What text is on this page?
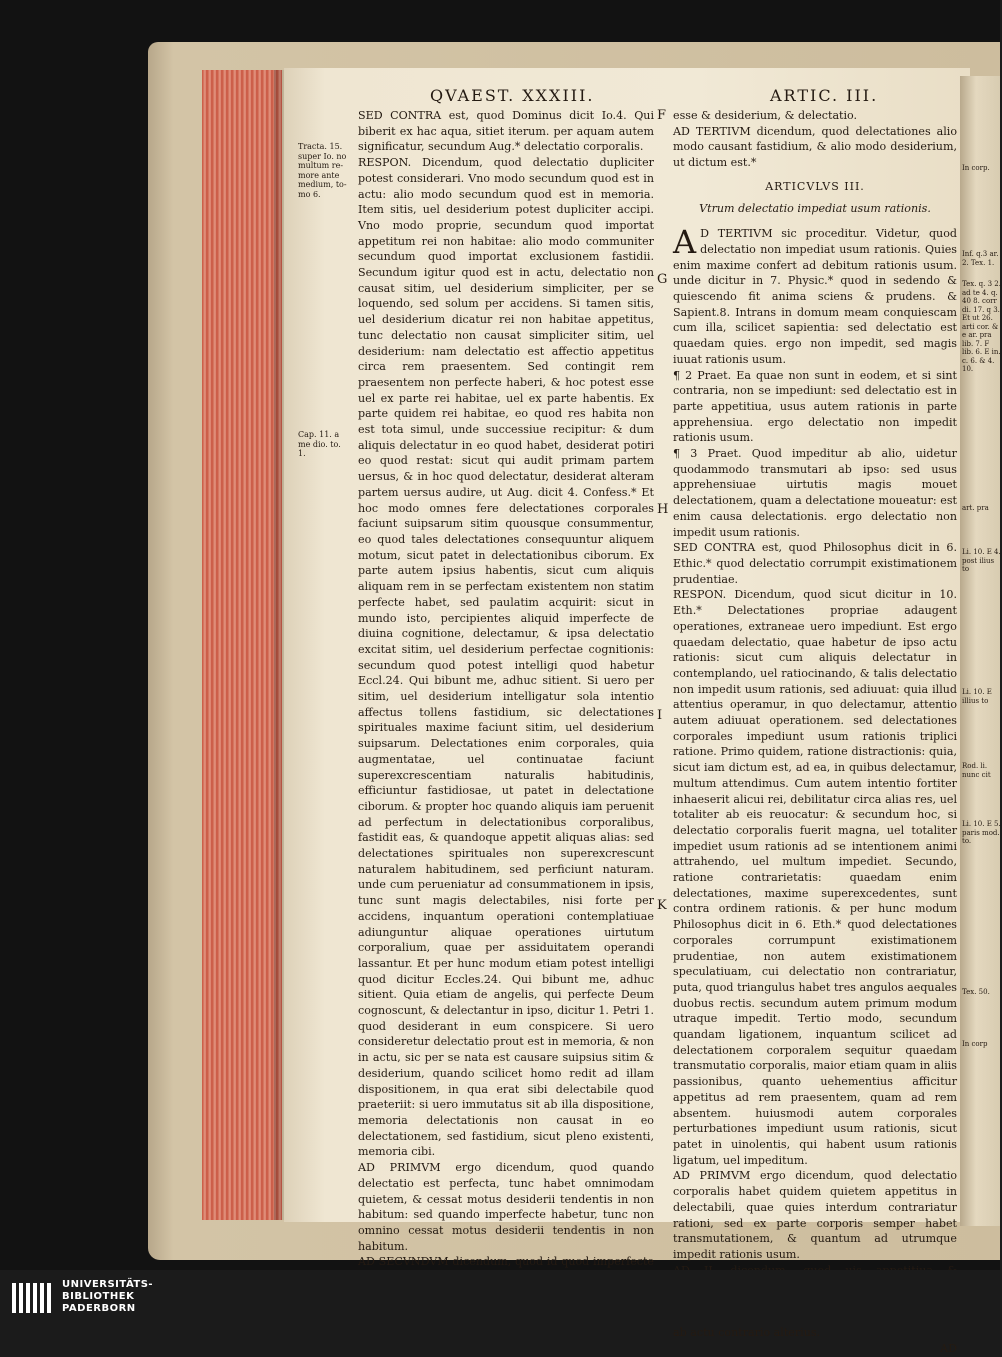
In corp.
Inf. q.3 ar. 2. Tex. 1.
Tex. q. 3 2. ad te 4. q. 40 8. corr di. 17. q 3. Et ut 26. arti cor. & e ar. pra lib. 7. F lib. 6. E in. c. 6. & 4. 10.
art. pra
Li. 10. E 4. post ilius to
Li. 10. E illius to
Rod. li. nunc cit
Li. 10. E 5. paris mod. to.
Tex. 50.
In corp
QVAEST. XXXIII.	ARTIC. III.
Tracta. 15. super Io. no multum re- more ante medium, to- mo 6.
Cap. 11. a me dio. to. 1.

SED CONTRA est, quod Dominus dicit Io.4. Qui biberit ex hac aqua, sitiet iterum. per aquam autem significatur, secundum Aug.* delectatio corporalis.

RESPON. Dicendum, quod delectatio dupliciter potest considerari. Vno modo secundum quod est in actu: alio modo secundum quod est in memoria. Item sitis, uel desiderium potest dupliciter accipi. Vno modo proprie, secundum quod importat appetitum rei non habitae: alio modo communiter secundum quod importat exclusionem fastidii. Secundum igitur quod est in actu, delectatio non causat sitim, uel desiderium simpliciter, per se loquendo, sed solum per accidens. Si tamen sitis, uel desiderium dicatur rei non habitae appetitus, tunc delectatio non causat simpliciter sitim, uel desiderium: nam delectatio est affectio appetitus circa rem praesentem. Sed contingit rem praesentem non perfecte haberi, & hoc potest esse uel ex parte rei habitae, uel ex parte habentis. Ex parte quidem rei habitae, eo quod res habita non est tota simul, unde successiue recipitur: & dum aliquis delectatur in eo quod habet, desiderat potiri eo quod restat: sicut qui audit primam partem uersus, & in hoc quod delectatur, desiderat alteram partem uersus audire, ut Aug. dicit 4. Confess.* Et hoc modo omnes fere delectationes corporales faciunt suipsarum sitim quousque consummentur, eo quod tales delectationes consequuntur aliquem motum, sicut patet in delectationibus ciborum. Ex parte autem ipsius habentis, sicut cum aliquis aliquam rem in se perfectam existentem non statim perfecte habet, sed paulatim acquirit: sicut in mundo isto, percipientes aliquid imperfecte de diuina cognitione, delectamur, & ipsa delectatio excitat sitim, uel desiderium perfectae cognitionis: secundum quod potest intelligi quod habetur Eccl.24. Qui bibunt me, adhuc sitient. Si uero per sitim, uel desiderium intelligatur sola intentio affectus tollens fastidium, sic delectationes spirituales maxime faciunt sitim, uel desiderium suipsarum. Delectationes enim corporales, quia augmentatae, uel continuatae faciunt superexcrescentiam naturalis habitudinis, efficiuntur fastidiosae, ut patet in delectatione ciborum. & propter hoc quando aliquis iam peruenit ad perfectum in delectationibus corporalibus, fastidit eas, & quandoque appetit aliquas alias: sed delectationes spirituales non superexcrescunt naturalem habitudinem, sed perficiunt naturam. unde cum perueniatur ad consummationem in ipsis, tunc sunt magis delectabiles, nisi forte per accidens, inquantum operationi contemplatiuae adiunguntur aliquae operationes uirtutum corporalium, quae per assiduitatem operandi lassantur. Et per hunc modum etiam potest intelligi quod dicitur Eccles.24. Qui bibunt me, adhuc sitient. Quia etiam de angelis, qui perfecte Deum cognoscunt, & delectantur in ipso, dicitur 1. Petri 1. quod desiderant in eum conspicere. Si uero consideretur delectatio prout est in memoria, & non in actu, sic per se nata est causare suipsius sitim & desiderium, quando scilicet homo redit ad illam dispositionem, in qua erat sibi delectabile quod praeteriit: si uero immutatus sit ab illa dispositione, memoria delectationis non causat in eo delectationem, sed fastidium, sicut pleno existenti, memoria cibi.

AD PRIMVM ergo dicendum, quod quando delectatio est perfecta, tunc habet omnimodam quietem, & cessat motus desiderii tendentis in non habitum: sed quando imperfecte habetur, tunc non omnino cessat motus desiderii tendentis in non habitum.

AD SECVNDVM dicendum, quod id quod imperfecte

F
G
H
I
K

esse & desiderium, & delectatio.

AD TERTIVM dicendum, quod delectationes alio modo causant fastidium, & alio modo desiderium, ut dictum est.*

ARTICVLVS III.
Vtrum delectatio impediat usum rationis.

A D TERTIVM sic proceditur. Videtur, quod delectatio non impediat usum rationis. Quies enim maxime confert ad debitum rationis usum. unde dicitur in 7. Physic.* quod in sedendo & quiescendo fit anima sciens & prudens. & Sapient.8. Intrans in domum meam conquiescam cum illa, scilicet sapientia: sed delectatio est quaedam quies. ergo non impedit, sed magis iuuat rationis usum.

¶ 2 Praet. Ea quae non sunt in eodem, et si sint contraria, non se impediunt: sed delectatio est in parte appetitiua, usus autem rationis in parte apprehensiua. ergo delectatio non impedit rationis usum.

¶ 3 Praet. Quod impeditur ab alio, uidetur quodammodo transmutari ab ipso: sed usus apprehensiuae uirtutis magis mouet delectationem, quam a delectatione moueatur: est enim causa delectationis. ergo delectatio non impedit usum rationis.

SED CONTRA est, quod Philosophus dicit in 6. Ethic.* quod delectatio corrumpit existimationem prudentiae.

RESPON. Dicendum, quod sicut dicitur in 10. Eth.* Delectationes propriae adaugent operationes, extraneae uero impediunt. Est ergo quaedam delectatio, quae habetur de ipso actu rationis: sicut cum aliquis delectatur in contemplando, uel ratiocinando, & talis delectatio non impedit usum rationis, sed adiuuat: quia illud attentius operamur, in quo delectamur, attentio autem adiuuat operationem. sed delectationes corporales impediunt usum rationis triplici ratione. Primo quidem, ratione distractionis: quia, sicut iam dictum est, ad ea, in quibus delectamur, multum attendimus. Cum autem intentio fortiter inhaeserit alicui rei, debilitatur circa alias res, uel totaliter ab eis reuocatur: & secundum hoc, si delectatio corporalis fuerit magna, uel totaliter impediet usum rationis ad se intentionem animi attrahendo, uel multum impediet. Secundo, ratione contrarietatis: quaedam enim delectationes, maxime superexcedentes, sunt contra ordinem rationis. & per hunc modum Philosophus dicit in 6. Eth.* quod delectationes corporales corrumpunt existimationem prudentiae, non autem existimationem speculatiuam, cui delectatio non contrariatur, puta, quod triangulus habet tres angulos aequales duobus rectis. secundum autem primum modum utraque impedit. Tertio modo, secundum quandam ligationem, inquantum scilicet ad delectationem corporalem sequitur quaedam transmutatio corporalis, maior etiam quam in aliis passionibus, quanto uehementius afficitur appetitus ad rem praesentem, quam ad rem absentem. huiusmodi autem corporales perturbationes impediunt usum rationis, sicut patet in uinolentis, qui habent usum rationis ligatum, uel impeditum.

AD PRIMVM ergo dicendum, quod delectatio corporalis habet quidem quietem appetitus in delectabili, quae quies interdum contrariatur rationi, sed ex parte corporis semper habet transmutationem, & quantum ad utrumque impedit rationis usum.

ab actu contrario alterius.

AD

UNIVERSITÄTS-
BIBLIOTHEK
PADERBORN
